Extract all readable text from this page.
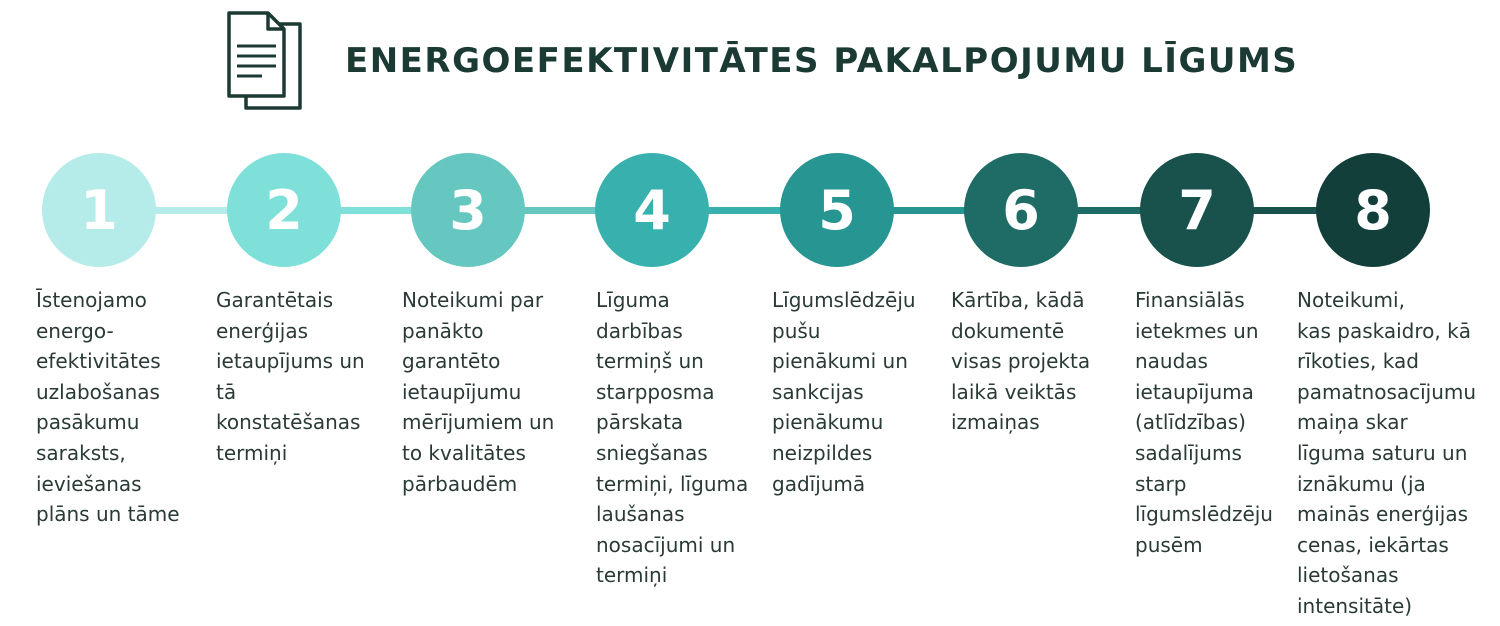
ENERGOEFEKTIVITĀTES PAKALPOJUMU LĪGUMS
1
Īstenojamo
energo-
efektivitātes
uzlabošanas
pasākumu
saraksts,
ieviešanas
plāns un tāme
2
Garantētais
enerģijas
ietaupījums un
tā
konstatēšanas
termiņi
3
Noteikumi par
panākto
garantēto
ietaupījumu
mērījumiem un
to kvalitātes
pārbaudēm
4
Līguma
darbības
termiņš un
starpposma
pārskata
sniegšanas
termiņi, līguma
laušanas
nosacījumi un
termiņi
5
Līgumslēdzēju
pušu
pienākumi un
sankcijas
pienākumu
neizpildes
gadījumā
6
Kārtība, kādā
dokumentē
visas projekta
laikā veiktās
izmaiņas
7
Finansiālās
ietekmes un
naudas
ietaupījuma
(atlīdzības)
sadalījums
starp
līgumslēdzēju
pusēm
8
Noteikumi,
kas paskaidro, kā
rīkoties, kad
pamatnosacījumu
maiņa skar
līguma saturu un
iznākumu (ja
mainās enerģijas
cenas, iekārtas
lietošanas
intensitāte)
